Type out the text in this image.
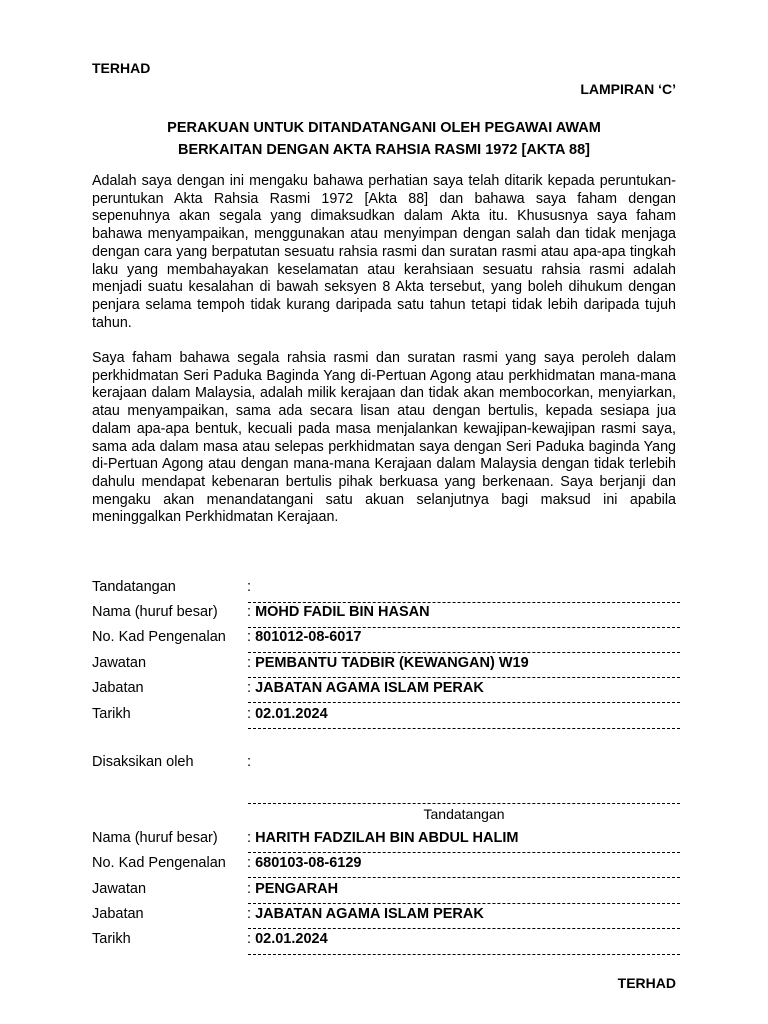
TERHAD
LAMPIRAN ‘C’
PERAKUAN UNTUK DITANDATANGANI OLEH PEGAWAI AWAM
BERKAITAN DENGAN AKTA RAHSIA RASMI 1972 [AKTA 88]
Adalah saya dengan ini mengaku bahawa perhatian saya telah ditarik kepada peruntukan-peruntukan Akta Rahsia Rasmi 1972 [Akta 88] dan bahawa saya faham dengan sepenuhnya akan segala yang dimaksudkan dalam Akta itu. Khususnya saya faham bahawa menyampaikan, menggunakan atau menyimpan dengan salah dan tidak menjaga dengan cara yang berpatutan sesuatu rahsia rasmi dan suratan rasmi atau apa-apa tingkah laku yang membahayakan keselamatan atau kerahsiaan sesuatu rahsia rasmi adalah menjadi suatu kesalahan di bawah seksyen 8 Akta tersebut, yang boleh dihukum dengan penjara selama tempoh tidak kurang daripada satu tahun tetapi tidak lebih daripada tujuh tahun.
Saya faham bahawa segala rahsia rasmi dan suratan rasmi yang saya peroleh dalam perkhidmatan Seri Paduka Baginda Yang di-Pertuan Agong atau perkhidmatan mana-mana kerajaan dalam Malaysia, adalah milik kerajaan dan tidak akan membocorkan, menyiarkan, atau menyampaikan, sama ada secara lisan atau dengan bertulis, kepada sesiapa jua dalam apa-apa bentuk, kecuali pada masa menjalankan kewajipan-kewajipan rasmi saya, sama ada dalam masa atau selepas perkhidmatan saya dengan Seri Paduka baginda Yang di-Pertuan Agong atau dengan mana-mana Kerajaan dalam Malaysia dengan tidak terlebih dahulu mendapat kebenaran bertulis pihak berkuasa yang berkenaan. Saya berjanji dan mengaku akan menandatangani satu akuan selanjutnya bagi maksud ini apabila meninggalkan Perkhidmatan Kerajaan.
Tandatangan	:
Nama (huruf besar) : MOHD FADIL BIN HASAN
No. Kad Pengenalan : 801012-08-6017
Jawatan	: PEMBANTU TADBIR (KEWANGAN) W19
Jabatan	: JABATAN AGAMA ISLAM PERAK
Tarikh	: 02.01.2024
Disaksikan oleh	:
Tandatangan
Nama (huruf besar) : HARITH FADZILAH BIN ABDUL HALIM
No. Kad Pengenalan : 680103-08-6129
Jawatan	: PENGARAH
Jabatan	: JABATAN AGAMA ISLAM PERAK
Tarikh	: 02.01.2024
TERHAD
